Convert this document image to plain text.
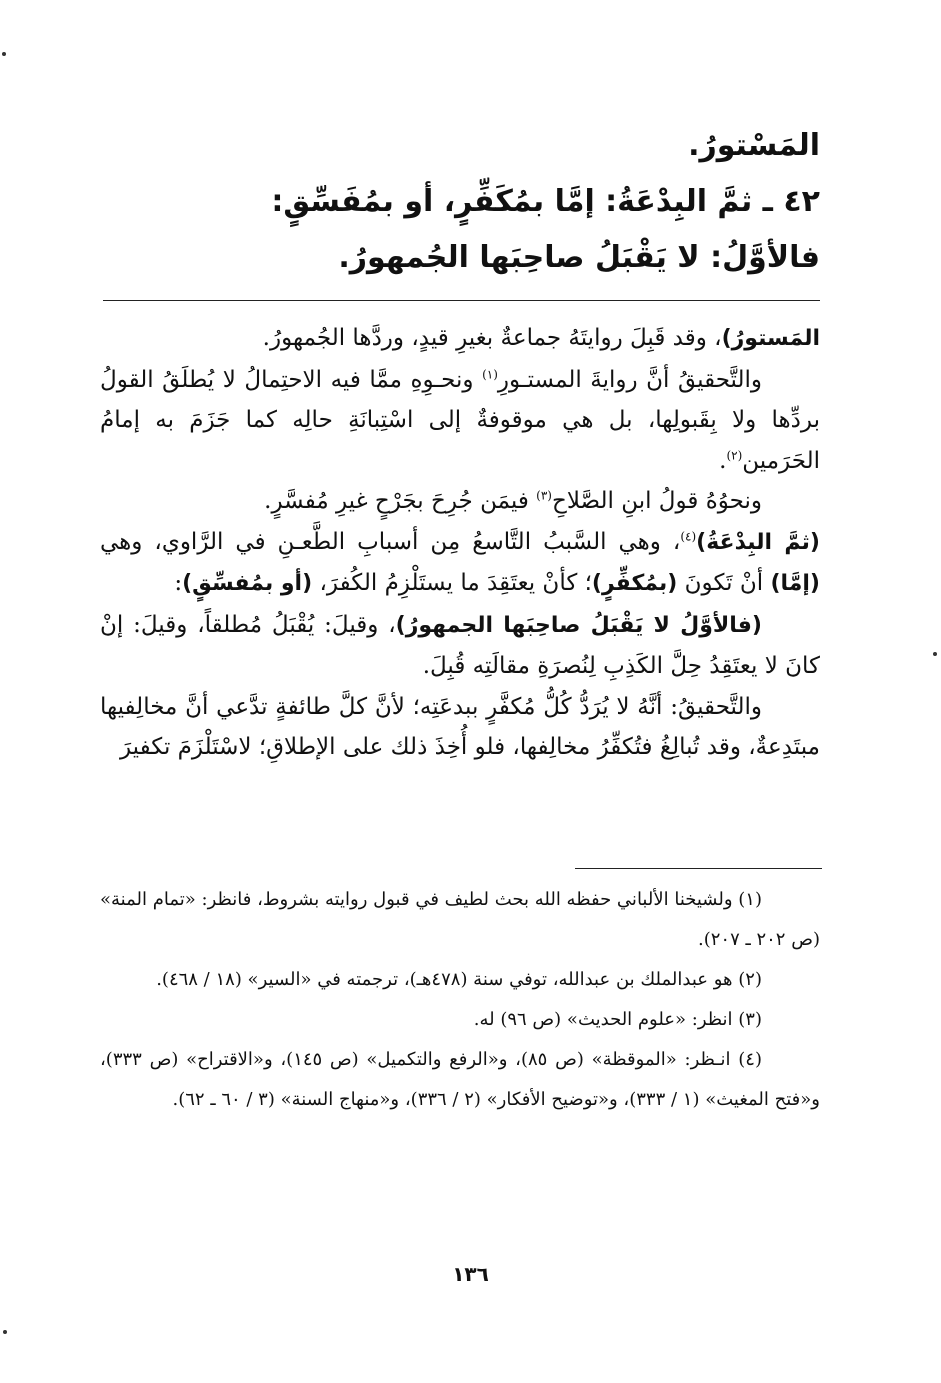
المَسْتورُ.
٤٢ ـ ثمَّ البِدْعَةُ: إمَّا بمُكَفِّرٍ، أو بمُفَسِّقٍ:
فالأوَّلُ: لا يَقْبَلُ صاحِبَها الجُمهورُ.

المَستورُ)، وقد قَبِلَ روايتَهُ جماعةٌ بغيرِ قيدٍ، وردَّها الجُمهورُ.

والتَّحقيقُ أنَّ روايةَ المستـورِ$^{(١)}$ ونحـوِهِ ممَّا فيه الاحتِمالُ لا يُطلَقُ القولُ بردِّها ولا بِقَبولِها، بل هي موقوفةٌ إلى اسْتِبانَةِ حالِه كما جَزَمَ به إمامُ الحَرَمين$^{(٢)}$.

ونحوُهُ قولُ ابنِ الصَّلاحِ$^{(٣)}$ فيمَن جُرِحَ بجَرْحٍ غيرِ مُفسَّرٍ.

(ثمَّ البِدْعَةُ)$^{(٤)}$، وهي السَّببُ التَّاسعُ مِن أسبابِ الطَّعـنِ في الرَّاوي، وهي (إمَّا) أنْ تَكونَ (بمُكفِّرٍ)؛ كأنْ يعتَقِدَ ما يستَلْزِمُ الكُفرَ، (أو بمُفسِّقٍ):

(فالأوَّلُ لا يَقْبَلُ صاحِبَها الجمهورُ)، وقيلَ: يُقْبَلُ مُطلقاً، وقيلَ: إنْ كانَ لا يعتَقِدُ حِلَّ الكَذِبِ لِنُصرَةِ مقالَتِه قُبِلَ.

والتَّحقيقُ: أنَّهُ لا يُرَدُّ كُلُّ مُكفَّرٍ ببدعَتِه؛ لأنَّ كلَّ طائفةٍ تدَّعي أنَّ مخالِفيها مبتَدِعةٌ، وقد تُبالِغُ فتُكفِّرُ مخالِفها، فلو أُخِذَ ذلك على الإطلاقِ؛ لاسْتَلْزَمَ تكفيرَ

(١) ولشيخنا الألباني حفظه الله بحث لطيف في قبول روايته بشروط، فانظر: «تمام المنة» (ص ٢٠٢ ـ ٢٠٧).

(٢) هو عبدالملك بن عبدالله، توفي سنة (٤٧٨هـ)، ترجمته في «السير» (١٨ / ٤٦٨).

(٣) انظر: «علوم الحديث» (ص ٩٦) له.

(٤) انـظر: «الموقظة» (ص ٨٥)، و«الرفع والتكميل» (ص ١٤٥)، و«الاقتراح» (ص ٣٣٣)، و«فتح المغيث» (١ / ٣٣٣)، و«توضيح الأفكار» (٢ / ٣٣٦)، و«منهاج السنة» (٣ / ٦٠ ـ ٦٢).

١٣٦
